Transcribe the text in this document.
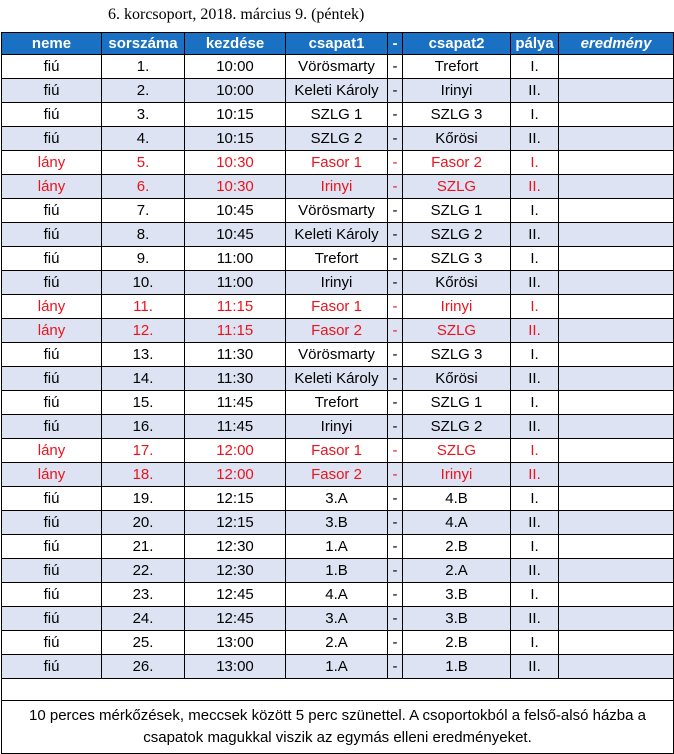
6. korcsoport, 2018. március 9. (péntek)
neme	sorszáma	kezdése	csapat1	-	csapat2	pálya	eredmény
fiú	1.	10:00	Vörösmarty	-	Trefort	I.	
fiú	2.	10:00	Keleti Károly	-	Irinyi	II.	
fiú	3.	10:15	SZLG 1	-	SZLG 3	I.	
fiú	4.	10:15	SZLG 2	-	Kőrösi	II.	
lány	5.	10:30	Fasor 1	-	Fasor 2	I.	
lány	6.	10:30	Irinyi	-	SZLG	II.	
fiú	7.	10:45	Vörösmarty	-	SZLG 1	I.	
fiú	8.	10:45	Keleti Károly	-	SZLG 2	II.	
fiú	9.	11:00	Trefort	-	SZLG 3	I.	
fiú	10.	11:00	Irinyi	-	Kőrösi	II.	
lány	11.	11:15	Fasor 1	-	Irinyi	I.	
lány	12.	11:15	Fasor 2	-	SZLG	II.	
fiú	13.	11:30	Vörösmarty	-	SZLG 3	I.	
fiú	14.	11:30	Keleti Károly	-	Kőrösi	II.	
fiú	15.	11:45	Trefort	-	SZLG 1	I.	
fiú	16.	11:45	Irinyi	-	SZLG 2	II.	
lány	17.	12:00	Fasor 1	-	SZLG	I.	
lány	18.	12:00	Fasor 2	-	Irinyi	II.	
fiú	19.	12:15	3.A	-	4.B	I.	
fiú	20.	12:15	3.B	-	4.A	II.	
fiú	21.	12:30	1.A	-	2.B	I.	
fiú	22.	12:30	1.B	-	2.A	II.	
fiú	23.	12:45	4.A	-	3.B	I.	
fiú	24.	12:45	3.A	-	3.B	II.	
fiú	25.	13:00	2.A	-	2.B	I.	
fiú	26.	13:00	1.A	-	1.B	II.	

10 perces mérkőzések, meccsek között 5 perc szünettel. A csoportokból a felső-alsó házba a csapatok magukkal viszik az egymás elleni eredményeket.							
